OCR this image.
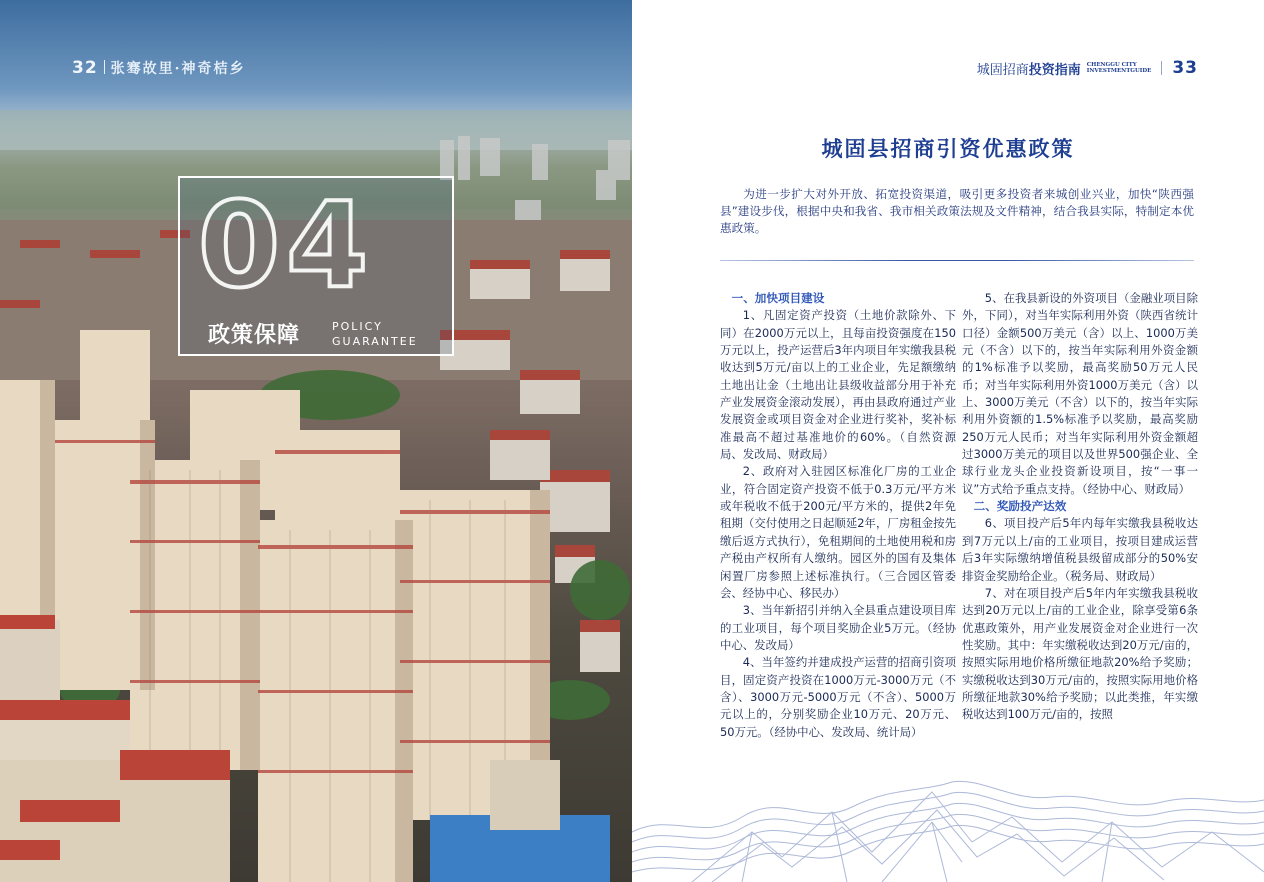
32 张骞故里·神奇桔乡
04
政策保障	POLICY
GUARANTEE
城固招商投资指南 CHENGGU CITY
INVESTMENTGUIDE 33
城固县招商引资优惠政策

为进一步扩大对外开放、拓宽投资渠道，吸引更多投资者来城创业兴业，加快“陕西强县”建设步伐，根据中央和我省、我市相关政策法规及文件精神，结合我县实际，特制定本优惠政策。

一、加快项目建设

1、凡固定资产投资（土地价款除外、下同）在2000万元以上，且每亩投资强度在150万元以上，投产运营后3年内项目年实缴我县税收达到5万元/亩以上的工业企业，先足额缴纳土地出让金（土地出让县级收益部分用于补充产业发展资金滚动发展），再由县政府通过产业发展资金或项目资金对企业进行奖补，奖补标准最高不超过基准地价的60%。（自然资源局、发改局、财政局）

2、政府对入驻园区标准化厂房的工业企业，符合固定资产投资不低于0.3万元/平方米或年税收不低于200元/平方米的，提供2年免租期（交付使用之日起顺延2年，厂房租金按先缴后返方式执行），免租期间的土地使用税和房产税由产权所有人缴纳。园区外的国有及集体闲置厂房参照上述标准执行。（三合园区管委会、经协中心、移民办）

3、当年新招引并纳入全县重点建设项目库的工业项目，每个项目奖励企业5万元。（经协中心、发改局）

4、当年签约并建成投产运营的招商引资项目，固定资产投资在1000万元-3000万元（不含）、3000万元-5000万元（不含）、5000万元以上的，分别奖励企业10万元、20万元、50万元。（经协中心、发改局、统计局）

5、在我县新设的外资项目（金融业项目除外，下同），对当年实际利用外资（陕西省统计口径）金额500万美元（含）以上、1000万美元（不含）以下的，按当年实际利用外资金额的1%标准予以奖励，最高奖励50万元人民币；对当年实际利用外资1000万美元（含）以上、3000万美元（不含）以下的，按当年实际利用外资额的1.5%标准予以奖励，最高奖励250万元人民币；对当年实际利用外资金额超过3000万美元的项目以及世界500强企业、全球行业龙头企业投资新设项目，按“一事一议”方式给予重点支持。（经协中心、财政局）

二、奖励投产达效

6、项目投产后5年内每年实缴我县税收达到7万元以上/亩的工业项目，按项目建成运营后3年实际缴纳增值税县级留成部分的50%安排资金奖励给企业。（税务局、财政局）

7、对在项目投产后5年内年实缴我县税收达到20万元以上/亩的工业企业，除享受第6条优惠政策外，用产业发展资金对企业进行一次性奖励。其中：年实缴税收达到20万元/亩的，按照实际用地价格所缴征地款20%给予奖励；实缴税收达到30万元/亩的，按照实际用地价格所缴征地款30%给予奖励；以此类推，年实缴税收达到100万元/亩的，按照
